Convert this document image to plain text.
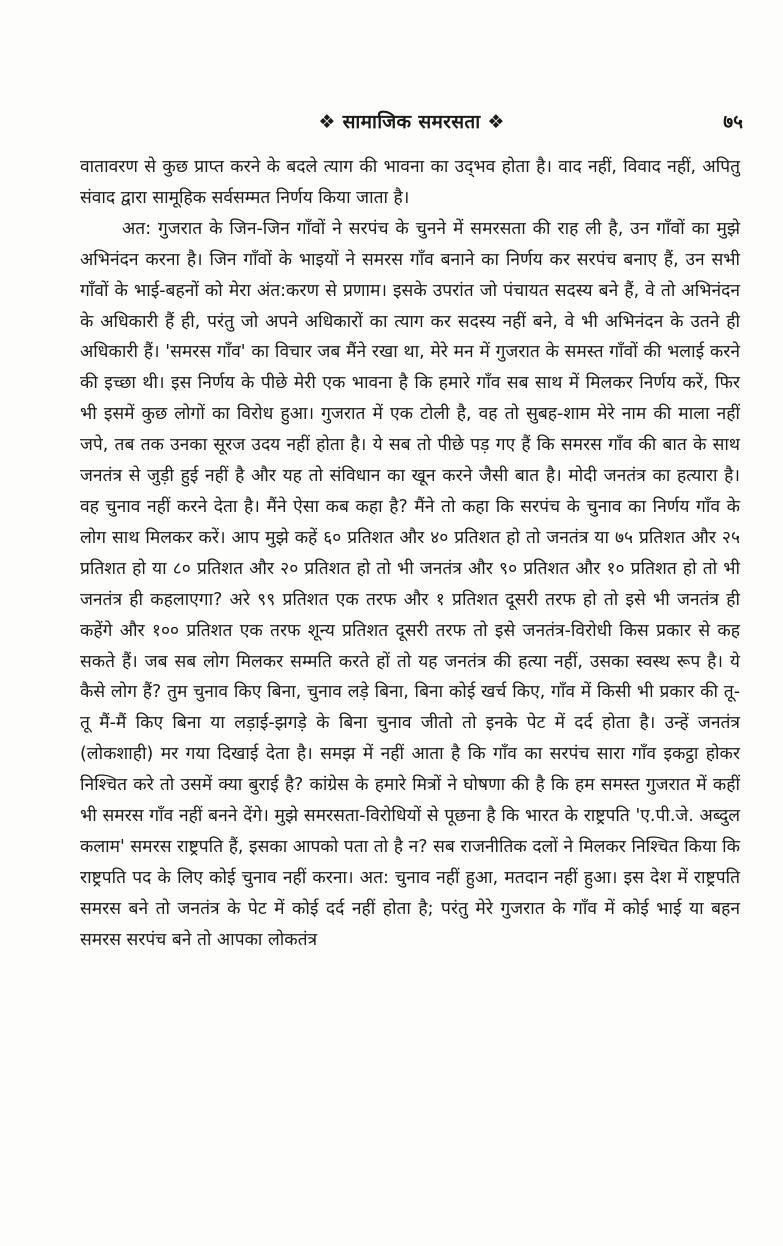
❖ सामाजिक समरसता ❖	७५

वातावरण से कुछ प्राप्त करने के बदले त्याग की भावना का उद्‍भव होता है। वाद नहीं, विवाद नहीं, अपितु संवाद द्वारा सामूहिक सर्वसम्मत निर्णय किया जाता है।

अत: गुजरात के जिन-जिन गाँवों ने सरपंच के चुनने में समरसता की राह ली है, उन गाँवों का मुझे अभिनंदन करना है। जिन गाँवों के भाइयों ने समरस गाँव बनाने का निर्णय कर सरपंच बनाए हैं, उन सभी गाँवों के भाई-बहनों को मेरा अंत:करण से प्रणाम। इसके उपरांत जो पंचायत सदस्य बने हैं, वे तो अभिनंदन के अधिकारी हैं ही, परंतु जो अपने अधिकारों का त्याग कर सदस्य नहीं बने, वे भी अभिनंदन के उतने ही अधिकारी हैं। 'समरस गाँव' का विचार जब मैंने रखा था, मेरे मन में गुजरात के समस्त गाँवों की भलाई करने की इच्छा थी। इस निर्णय के पीछे मेरी एक भावना है कि हमारे गाँव सब साथ में मिलकर निर्णय करें, फिर भी इसमें कुछ लोगों का विरोध हुआ। गुजरात में एक टोली है, वह तो सुबह-शाम मेरे नाम की माला नहीं जपे, तब तक उनका सूरज उदय नहीं होता है। ये सब तो पीछे पड़ गए हैं कि समरस गाँव की बात के साथ जनतंत्र से जुड़ी हुई नहीं है और यह तो संविधान का खून करने जैसी बात है। मोदी जनतंत्र का हत्यारा है। वह चुनाव नहीं करने देता है। मैंने ऐसा कब कहा है? मैंने तो कहा कि सरपंच के चुनाव का निर्णय गाँव के लोग साथ मिलकर करें। आप मुझे कहें ६० प्रतिशत और ४० प्रतिशत हो तो जनतंत्र या ७५ प्रतिशत और २५ प्रतिशत हो या ८० प्रतिशत और २० प्रतिशत हो तो भी जनतंत्र और ९० प्रतिशत और १० प्रतिशत हो तो भी जनतंत्र ही कहलाएगा? अरे ९९ प्रतिशत एक तरफ और १ प्रतिशत दूसरी तरफ हो तो इसे भी जनतंत्र ही कहेंगे और १०० प्रतिशत एक तरफ शून्य प्रतिशत दूसरी तरफ तो इसे जनतंत्र-विरोधी किस प्रकार से कह सकते हैं। जब सब लोग मिलकर सम्मति करते हों तो यह जनतंत्र की हत्या नहीं, उसका स्वस्थ रूप है। ये कैसे लोग हैं? तुम चुनाव किए बिना, चुनाव लड़े बिना, बिना कोई खर्च किए, गाँव में किसी भी प्रकार की तू-तू मैं-मैं किए बिना या लड़ाई-झगड़े के बिना चुनाव जीतो तो इनके पेट में दर्द होता है। उन्हें जनतंत्र (लोकशाही) मर गया दिखाई देता है। समझ में नहीं आता है कि गाँव का सरपंच सारा गाँव इकट्ठा होकर निश्चित करे तो उसमें क्या बुराई है? कांग्रेस के हमारे मित्रों ने घोषणा की है कि हम समस्त गुजरात में कहीं भी समरस गाँव नहीं बनने देंगे। मुझे समरसता-विरोधियों से पूछना है कि भारत के राष्ट्रपति 'ए.पी.जे. अब्दुल कलाम' समरस राष्ट्रपति हैं, इसका आपको पता तो है न? सब राजनीतिक दलों ने मिलकर निश्चित किया कि राष्ट्रपति पद के लिए कोई चुनाव नहीं करना। अत: चुनाव नहीं हुआ, मतदान नहीं हुआ। इस देश में राष्ट्रपति समरस बने तो जनतंत्र के पेट में कोई दर्द नहीं होता है; परंतु मेरे गुजरात के गाँव में कोई भाई या बहन समरस सरपंच बने तो आपका लोकतंत्र
